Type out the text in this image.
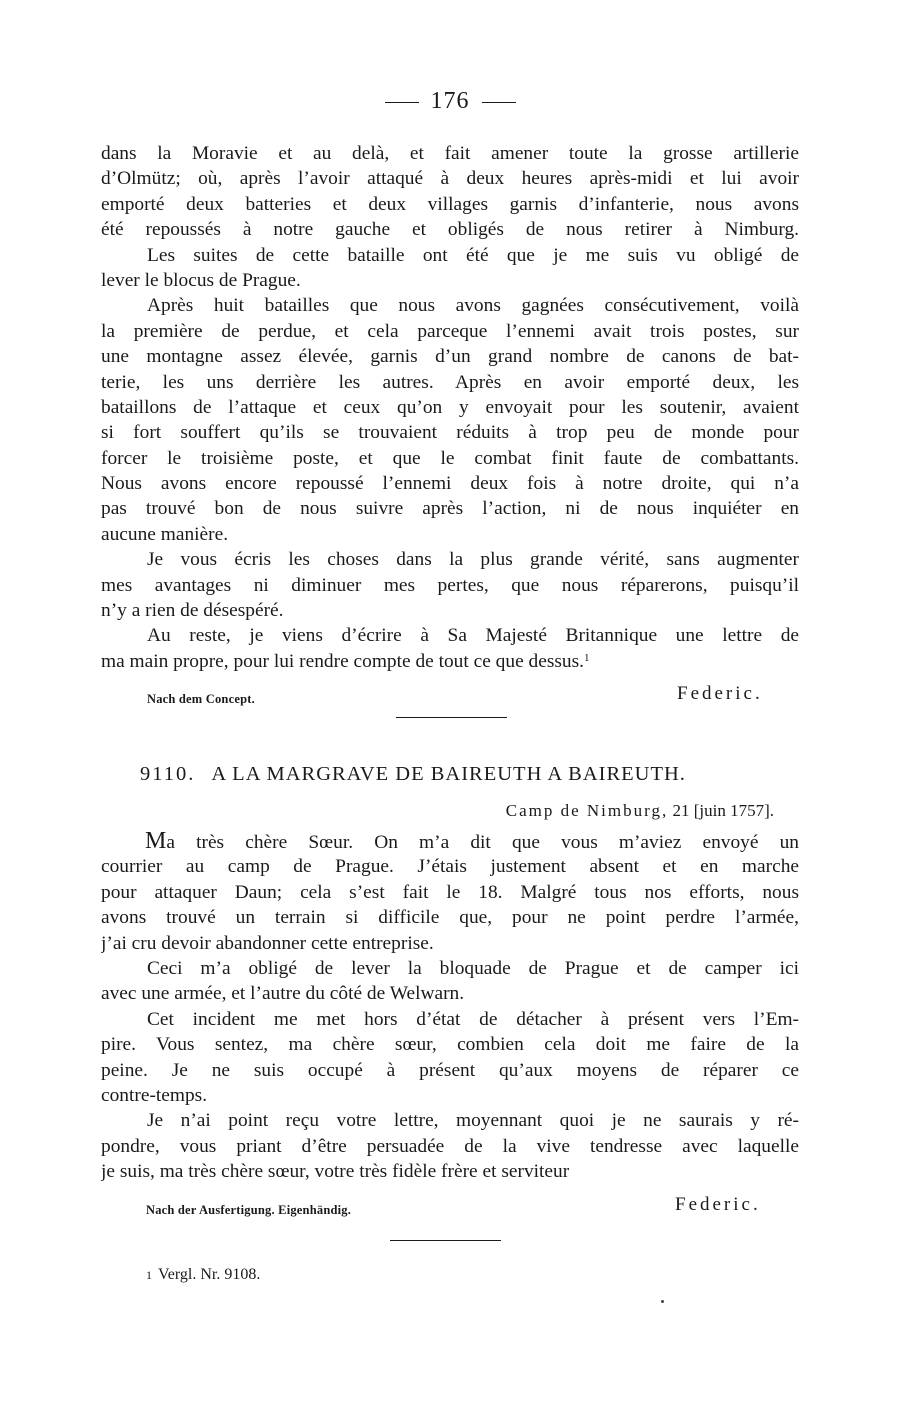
176
dans la Moravie et au delà, et fait amener toute la grosse artillerie
d’Olmütz; où, après l’avoir attaqué à deux heures après-midi et lui avoir
emporté deux batteries et deux villages garnis d’infanterie, nous avons
été repoussés à notre gauche et obligés de nous retirer à Nimburg.
Les suites de cette bataille ont été que je me suis vu obligé de
lever le blocus de Prague.
Après huit batailles que nous avons gagnées consécutivement, voilà
la première de perdue, et cela parceque l’ennemi avait trois postes, sur
une montagne assez élevée, garnis d’un grand nombre de canons de bat-
terie, les uns derrière les autres. Après en avoir emporté deux, les
bataillons de l’attaque et ceux qu’on y envoyait pour les soutenir, avaient
si fort souffert qu’ils se trouvaient réduits à trop peu de monde pour
forcer le troisième poste, et que le combat finit faute de combattants.
Nous avons encore repoussé l’ennemi deux fois à notre droite, qui n’a
pas trouvé bon de nous suivre après l’action, ni de nous inquiéter en
aucune manière.
Je vous écris les choses dans la plus grande vérité, sans augmenter
mes avantages ni diminuer mes pertes, que nous réparerons, puisqu’il
n’y a rien de désespéré.
Au reste, je viens d’écrire à Sa Majesté Britannique une lettre de
ma main propre, pour lui rendre compte de tout ce que dessus.$^1$
Nach dem Concept.	Federic.
9110. A LA MARGRAVE DE BAIREUTH A BAIREUTH.
Camp de Nimburg, 21 [juin 1757].
Ma très chère Sœur. On m’a dit que vous m’aviez envoyé un
courrier au camp de Prague. J’étais justement absent et en marche
pour attaquer Daun; cela s’est fait le 18. Malgré tous nos efforts, nous
avons trouvé un terrain si difficile que, pour ne point perdre l’armée,
j’ai cru devoir abandonner cette entreprise.
Ceci m’a obligé de lever la bloquade de Prague et de camper ici
avec une armée, et l’autre du côté de Welwarn.
Cet incident me met hors d’état de détacher à présent vers l’Em-
pire. Vous sentez, ma chère sœur, combien cela doit me faire de la
peine. Je ne suis occupé à présent qu’aux moyens de réparer ce
contre-temps.
Je n’ai point reçu votre lettre, moyennant quoi je ne saurais y ré-
pondre, vous priant d’être persuadée de la vive tendresse avec laquelle
je suis, ma très chère sœur, votre très fidèle frère et serviteur
Nach der Ausfertigung. Eigenhändig.	Federic.
1 Vergl. Nr. 9108.
